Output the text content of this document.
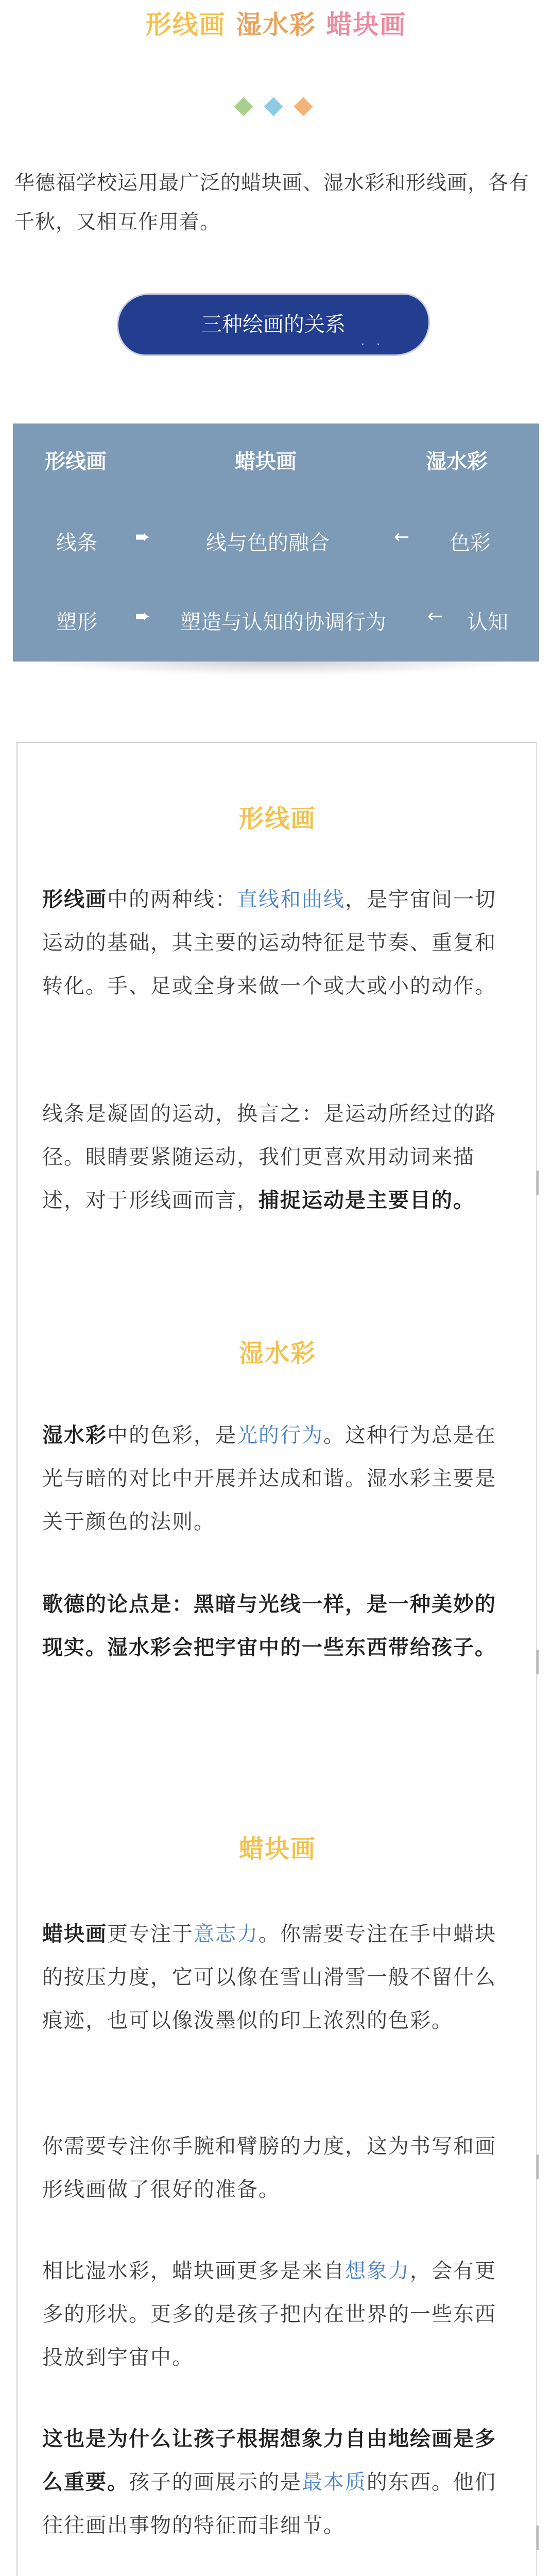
形线画 湿水彩 蜡块画

华德福学校运用最广泛的蜡块画、湿水彩和形线画，各有千秋，又相互作用着。

三种绘画的关系
· ·
形线画	蜡块画	湿水彩
线条 ➨	线与色的融合	← 色彩
塑形 ➨ 塑造与认知的协调行为 ← 认知
形线画

形线画中的两种线：直线和曲线，是宇宙间一切运动的基础，其主要的运动特征是节奏、重复和转化。手、足或全身来做一个或大或小的动作。

线条是凝固的运动，换言之：是运动所经过的路径。眼睛要紧随运动，我们更喜欢用动词来描述，对于形线画而言，捕捉运动是主要目的。

湿水彩

湿水彩中的色彩，是光的行为。这种行为总是在光与暗的对比中开展并达成和谐。湿水彩主要是关于颜色的法则。

歌德的论点是：黑暗与光线一样，是一种美妙的现实。湿水彩会把宇宙中的一些东西带给孩子。

蜡块画

蜡块画更专注于意志力。你需要专注在手中蜡块的按压力度，它可以像在雪山滑雪一般不留什么痕迹，也可以像泼墨似的印上浓烈的色彩。

你需要专注你手腕和臂膀的力度，这为书写和画形线画做了很好的准备。

相比湿水彩，蜡块画更多是来自想象力，会有更多的形状。更多的是孩子把内在世界的一些东西投放到宇宙中。

这也是为什么让孩子根据想象力自由地绘画是多么重要。孩子的画展示的是最本质的东西。他们往往画出事物的特征而非细节。
